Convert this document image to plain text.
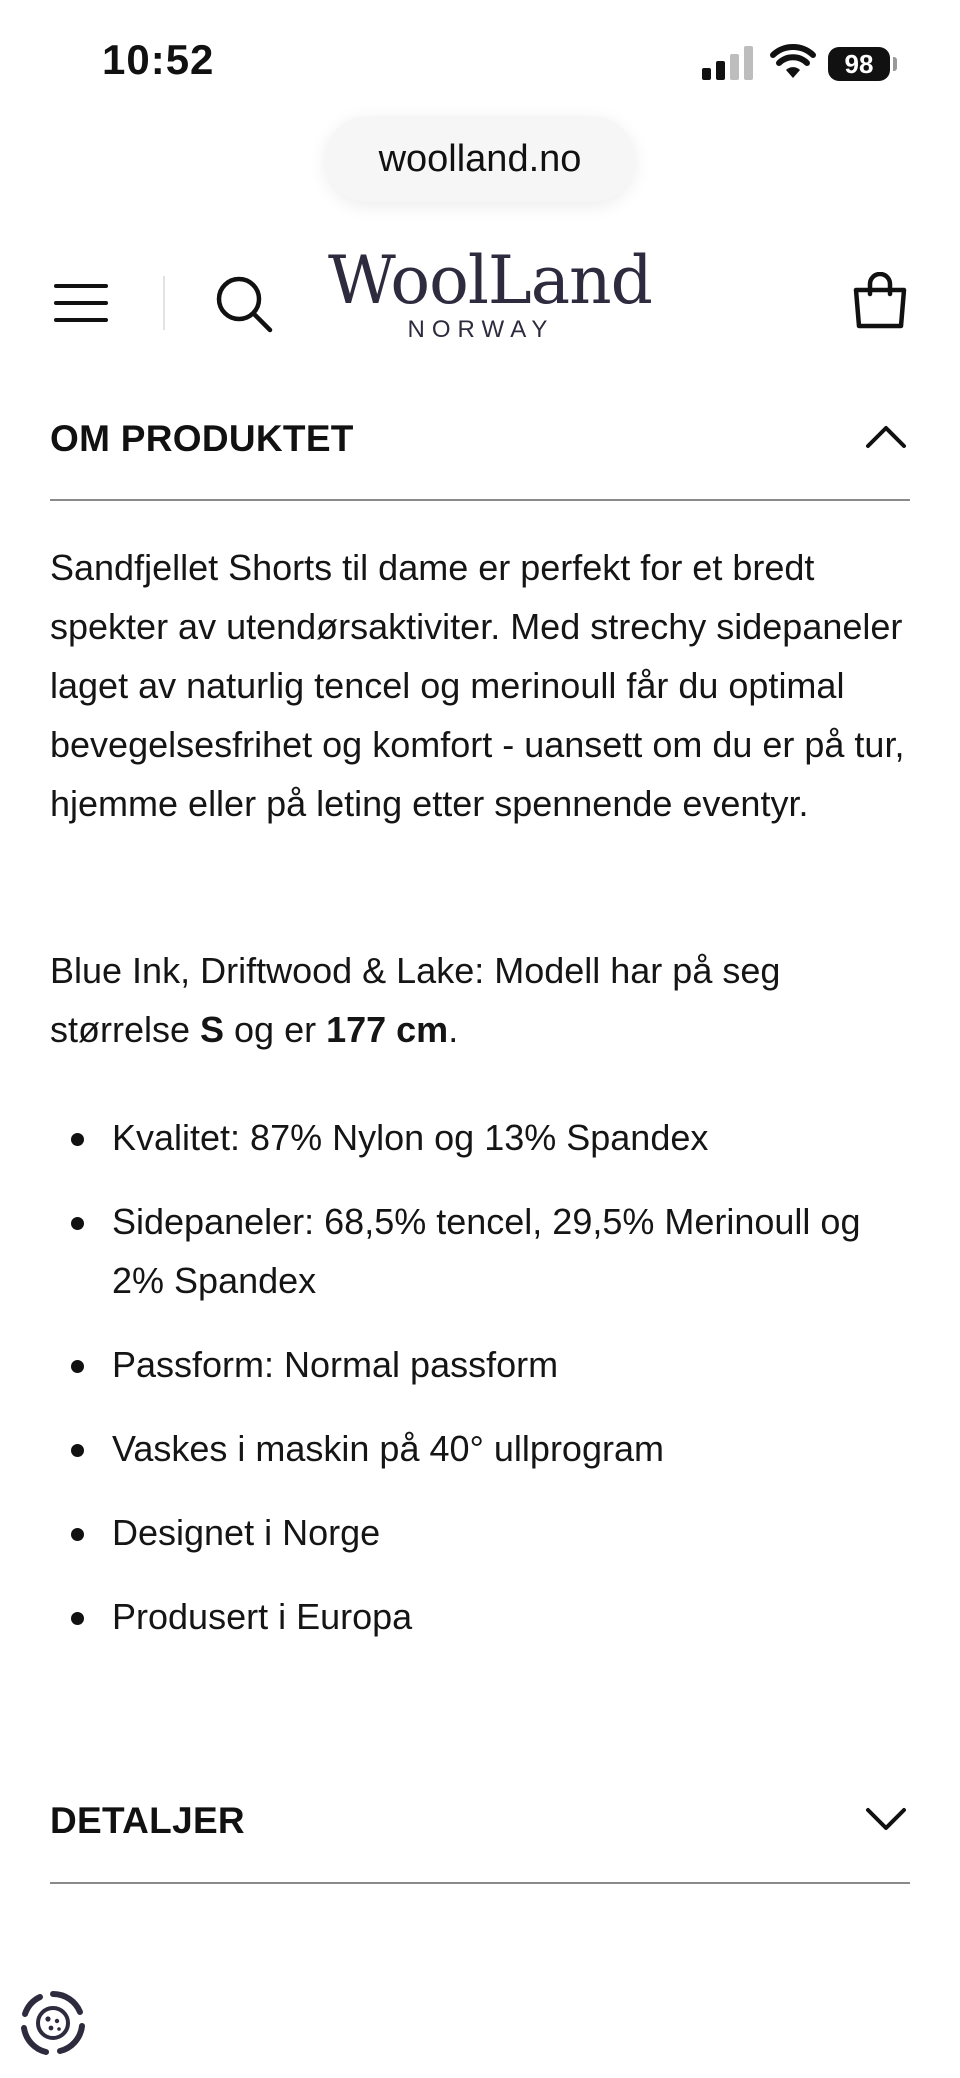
10:52	98
woolland.no
WoolLand
NORWAY
OM PRODUKTET
Sandfjellet Shorts til dame er perfekt for et bredt spekter av utendørsaktiviter. Med strechy sidepaneler laget av naturlig tencel og merinoull får du optimal bevegelsesfrihet og komfort - uansett om du er på tur, hjemme eller på leting etter spennende eventyr.
Blue Ink, Driftwood & Lake: Modell har på seg størrelse S og er 177 cm.
Kvalitet: 87% Nylon og 13% Spandex
Sidepaneler: 68,5% tencel, 29,5% Merinoull og 2% Spandex
Passform: Normal passform
Vaskes i maskin på 40° ullprogram
Designet i Norge
Produsert i Europa
DETALJER
